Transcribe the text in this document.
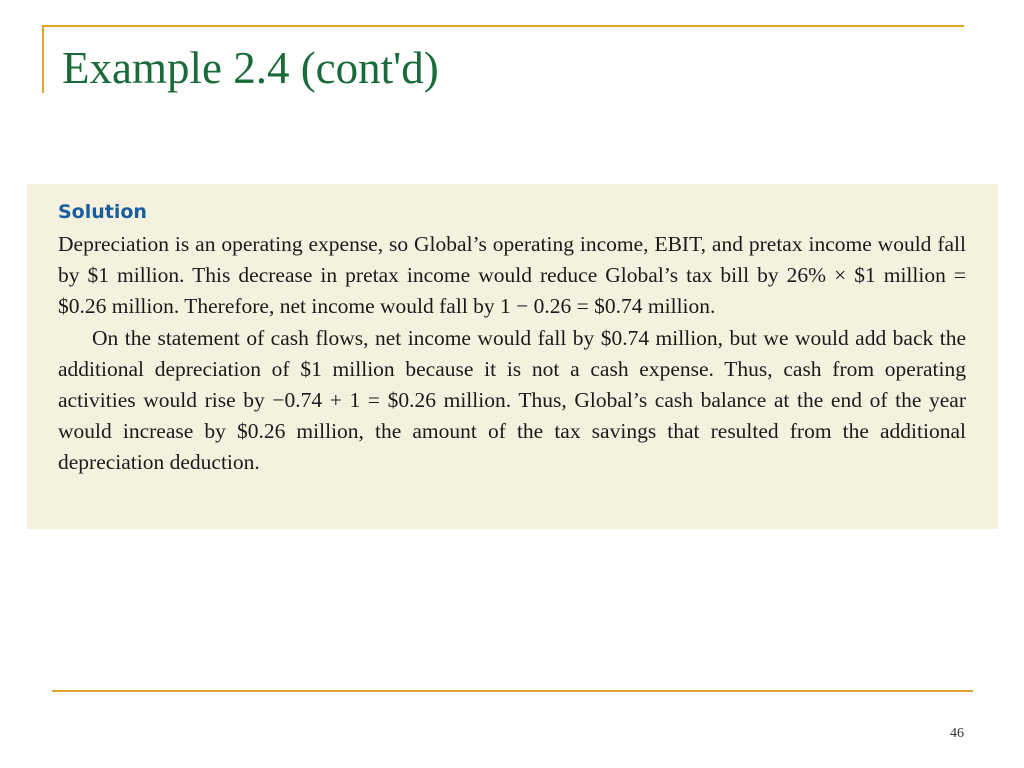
Example 2.4 (cont'd)
Solution

Depreciation is an operating expense, so Global’s operating income, EBIT, and pretax income would fall by $1 million. This decrease in pretax income would reduce Global’s tax bill by 26% × $1 million = $0.26 million. Therefore, net income would fall by 1 − 0.26 = $0.74 million.

On the statement of cash flows, net income would fall by $0.74 million, but we would add back the additional depreciation of $1 million because it is not a cash expense. Thus, cash from operating activities would rise by −0.74 + 1 = $0.26 million. Thus, Global’s cash balance at the end of the year would increase by $0.26 million, the amount of the tax savings that resulted from the additional depreciation deduction.

46
